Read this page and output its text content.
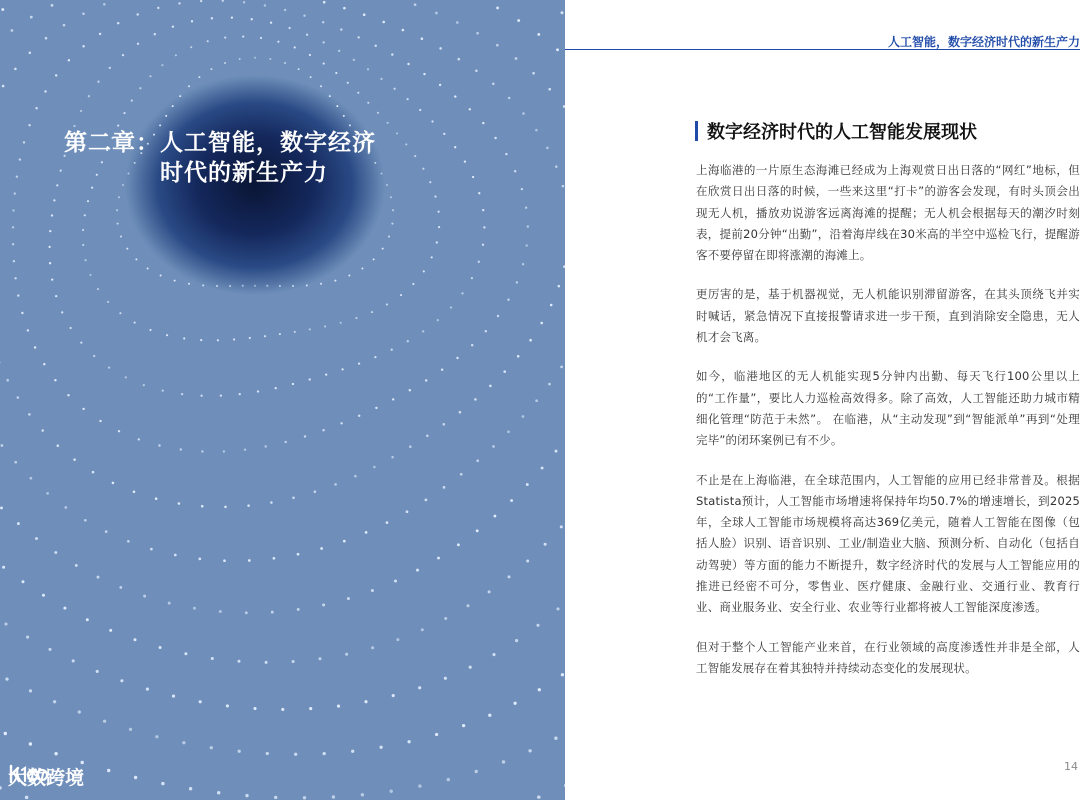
第二章：人工智能，数字经济
时代的新生产力
大数跨境
人工智能，数字经济时代的新生产力
数字经济时代的人工智能发展现状

上海临港的一片原生态海滩已经成为上海观赏日出日落的“网红”地标，但在欣赏日出日落的时候，一些来这里“打卡”的游客会发现，有时头顶会出现无人机，播放劝说游客远离海滩的提醒；无人机会根据每天的潮汐时刻表，提前20分钟“出勤”，沿着海岸线在30米高的半空中巡检飞行，提醒游客不要停留在即将涨潮的海滩上。

更厉害的是，基于机器视觉，无人机能识别滞留游客，在其头顶绕飞并实时喊话，紧急情况下直接报警请求进一步干预，直到消除安全隐患，无人机才会飞离。

如今，临港地区的无人机能实现5分钟内出勤、每天飞行100公里以上的“工作量”，要比人力巡检高效得多。除了高效，人工智能还助力城市精细化管理“防范于未然”。 在临港，从“主动发现”到“智能派单”再到“处理完毕”的闭环案例已有不少。

不止是在上海临港，在全球范围内，人工智能的应用已经非常普及。根据Statista预计，人工智能市场增速将保持年均50.7%的增速增长，到2025年，全球人工智能市场规模将高达369亿美元，随着人工智能在图像（包括人脸）识别、语音识别、工业/制造业大脑、预测分析、自动化（包括自动驾驶）等方面的能力不断提升，数字经济时代的发展与人工智能应用的推进已经密不可分，零售业、医疗健康、金融行业、交通行业、教育行业、商业服务业、安全行业、农业等行业都将被人工智能深度渗透。

但对于整个人工智能产业来首，在行业领域的高度渗透性并非是全部，人工智能发展存在着其独特并持续动态变化的发展现状。

14
